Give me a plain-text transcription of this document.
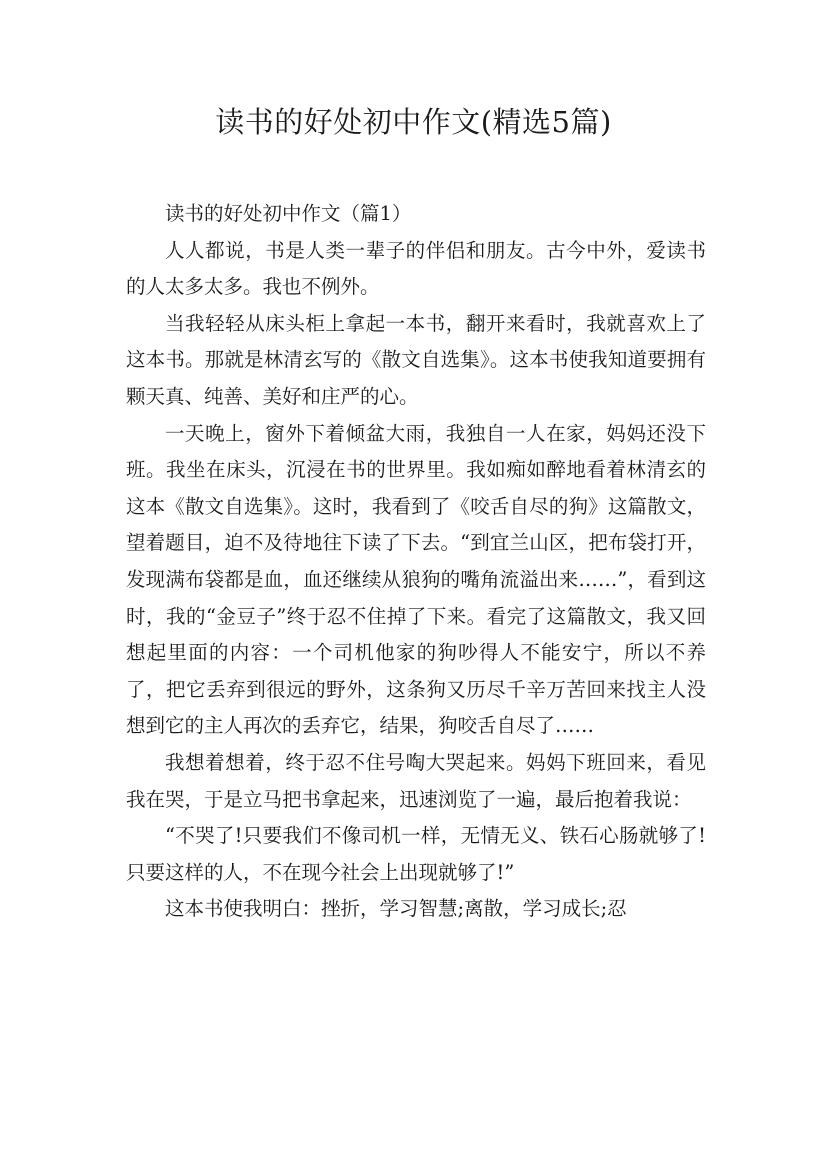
读书的好处初中作文(精选5篇)

读书的好处初中作文（篇1）

人人都说，书是人类一辈子的伴侣和朋友。古今中外，爱读书的人太多太多。我也不例外。

当我轻轻从床头柜上拿起一本书，翻开来看时，我就喜欢上了这本书。那就是林清玄写的《散文自选集》。这本书使我知道要拥有颗天真、纯善、美好和庄严的心。

一天晚上，窗外下着倾盆大雨，我独自一人在家，妈妈还没下班。我坐在床头，沉浸在书的世界里。我如痴如醉地看着林清玄的这本《散文自选集》。这时，我看到了《咬舌自尽的狗》这篇散文，望着题目，迫不及待地往下读了下去。“到宜兰山区，把布袋打开，发现满布袋都是血，血还继续从狼狗的嘴角流溢出来……”，看到这时，我的“金豆子”终于忍不住掉了下来。看完了这篇散文，我又回想起里面的内容：一个司机他家的狗吵得人不能安宁，所以不养了，把它丢弃到很远的野外，这条狗又历尽千辛万苦回来找主人没想到它的主人再次的丢弃它，结果，狗咬舌自尽了……

我想着想着，终于忍不住号啕大哭起来。妈妈下班回来，看见我在哭，于是立马把书拿起来，迅速浏览了一遍，最后抱着我说：

“不哭了!只要我们不像司机一样，无情无义、铁石心肠就够了!只要这样的人，不在现今社会上出现就够了!”

这本书使我明白：挫折，学习智慧;离散，学习成长;忍
